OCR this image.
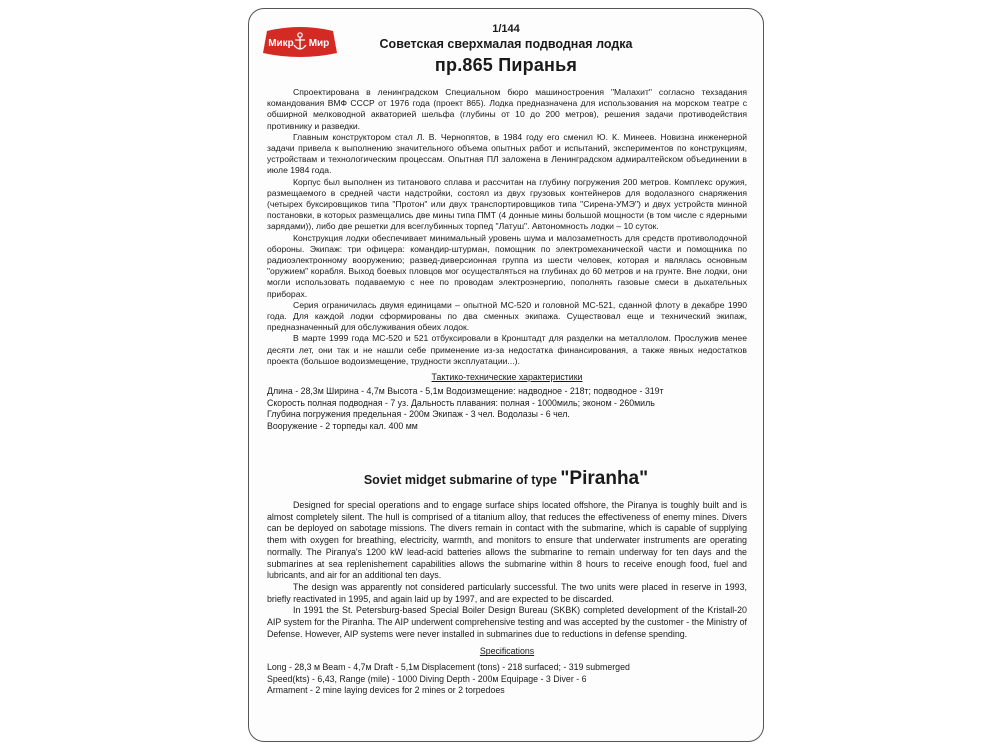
Микр Мир
1/144
Советская сверхмалая подводная лодка
пр.865 Пиранья

Спроектирована в ленинградском Специальном бюро машиностроения "Малахит" согласно техзадания командования ВМФ СССР от 1976 года (проект 865). Лодка предназначена для использования на морском театре с обширной мелководной акваторией шельфа (глубины от 10 до 200 метров), решения задачи противодействия противнику и разведки.

Главным конструктором стал Л. В. Чернопятов, в 1984 году его сменил Ю. К. Минеев. Новизна инженерной задачи привела к выполнению значительного объема опытных работ и испытаний, экспериментов по конструкциям, устройствам и технологическим процессам. Опытная ПЛ заложена в Ленинградском адмиралтейском объединении в июле 1984 года.

Корпус был выполнен из титанового сплава и рассчитан на глубину погружения 200 метров. Комплекс оружия, размещаемого в средней части надстройки, состоял из двух грузовых контейнеров для водолазного снаряжения (четырех буксировщиков типа "Протон" или двух транспортировщиков типа "Сирена-УМЭ") и двух устройств минной постановки, в которых размещались две мины типа ПМТ (4 донные мины большой мощности (в том числе с ядерными зарядами)), либо две решетки для всеглубинных торпед "Латуш". Автономность лодки – 10 суток.

Конструкция лодки обеспечивает минимальный уровень шума и малозаметность для средств противолодочной обороны. Экипаж: три офицера: командир-штурман, помощник по электромеханической части и помощника по радиоэлектронному вооружению; развед-диверсионная группа из шести человек, которая и являлась основным "оружием" корабля. Выход боевых пловцов мог осуществляться на глубинах до 60 метров и на грунте. Вне лодки, они могли использовать подаваемую с нее по проводам электроэнергию, пополнять газовые смеси в дыхательных приборах.

Серия ограничилась двумя единицами – опытной МС-520 и головной МС-521, сданной флоту в декабре 1990 года. Для каждой лодки сформированы по два сменных экипажа. Существовал еще и технический экипаж, предназначенный для обслуживания обеих лодок.

В марте 1999 года МС-520 и 521 отбуксировали в Кронштадт для разделки на металлолом. Прослужив менее десяти лет, они так и не нашли себе применение из-за недостатка финансирования, а также явных недостатков проекта (большое водоизмещение, трудности эксплуатации...).

Тактико-технические характеристики
Длина - 28,3м Ширина - 4,7м Высота - 5,1м Водоизмещение: надводное - 218т; подводное - 319т
Скорость полная подводная - 7 уз. Дальность плавания: полная - 1000миль; эконом - 260миль
Глубина погружения предельная - 200м Экипаж - 3 чел. Водолазы - 6 чел.
Вооружение - 2 торпеды кал. 400 мм
Soviet midget submarine of type "Piranha"

Designed for special operations and to engage surface ships located offshore, the Piranya is toughly built and is almost completely silent. The hull is comprised of a titanium alloy, that reduces the effectiveness of enemy mines. Divers can be deployed on sabotage missions. The divers remain in contact with the submarine, which is capable of supplying them with oxygen for breathing, electricity, warmth, and monitors to ensure that underwater instruments are operating normally. The Piranya's 1200 kW lead-acid batteries allows the submarine to remain underway for ten days and the submarines at sea replenishement capabilities allows the submarine within 8 hours to receive enough food, fuel and lubricants, and air for an additional ten days.

The design was apparently not considered particularly successful. The two units were placed in reserve in 1993, briefly reactivated in 1995, and again laid up by 1997, and are expected to be discarded.

In 1991 the St. Petersburg-based Special Boiler Design Bureau (SKBK) completed development of the Kristall-20 AIP system for the Piranha. The AIP underwent comprehensive testing and was accepted by the customer - the Ministry of Defense. However, AIP systems were never installed in submarines due to reductions in defense spending.

Specifications
Long - 28,3 м Beam - 4,7м Draft - 5,1м Displacement (tons) - 218 surfaced; - 319 submerged
Speed(kts) - 6,43, Range (mile) - 1000 Diving Depth - 200м Equipage - 3 Diver - 6
Armament - 2 mine laying devices for 2 mines or 2 torpedoes
